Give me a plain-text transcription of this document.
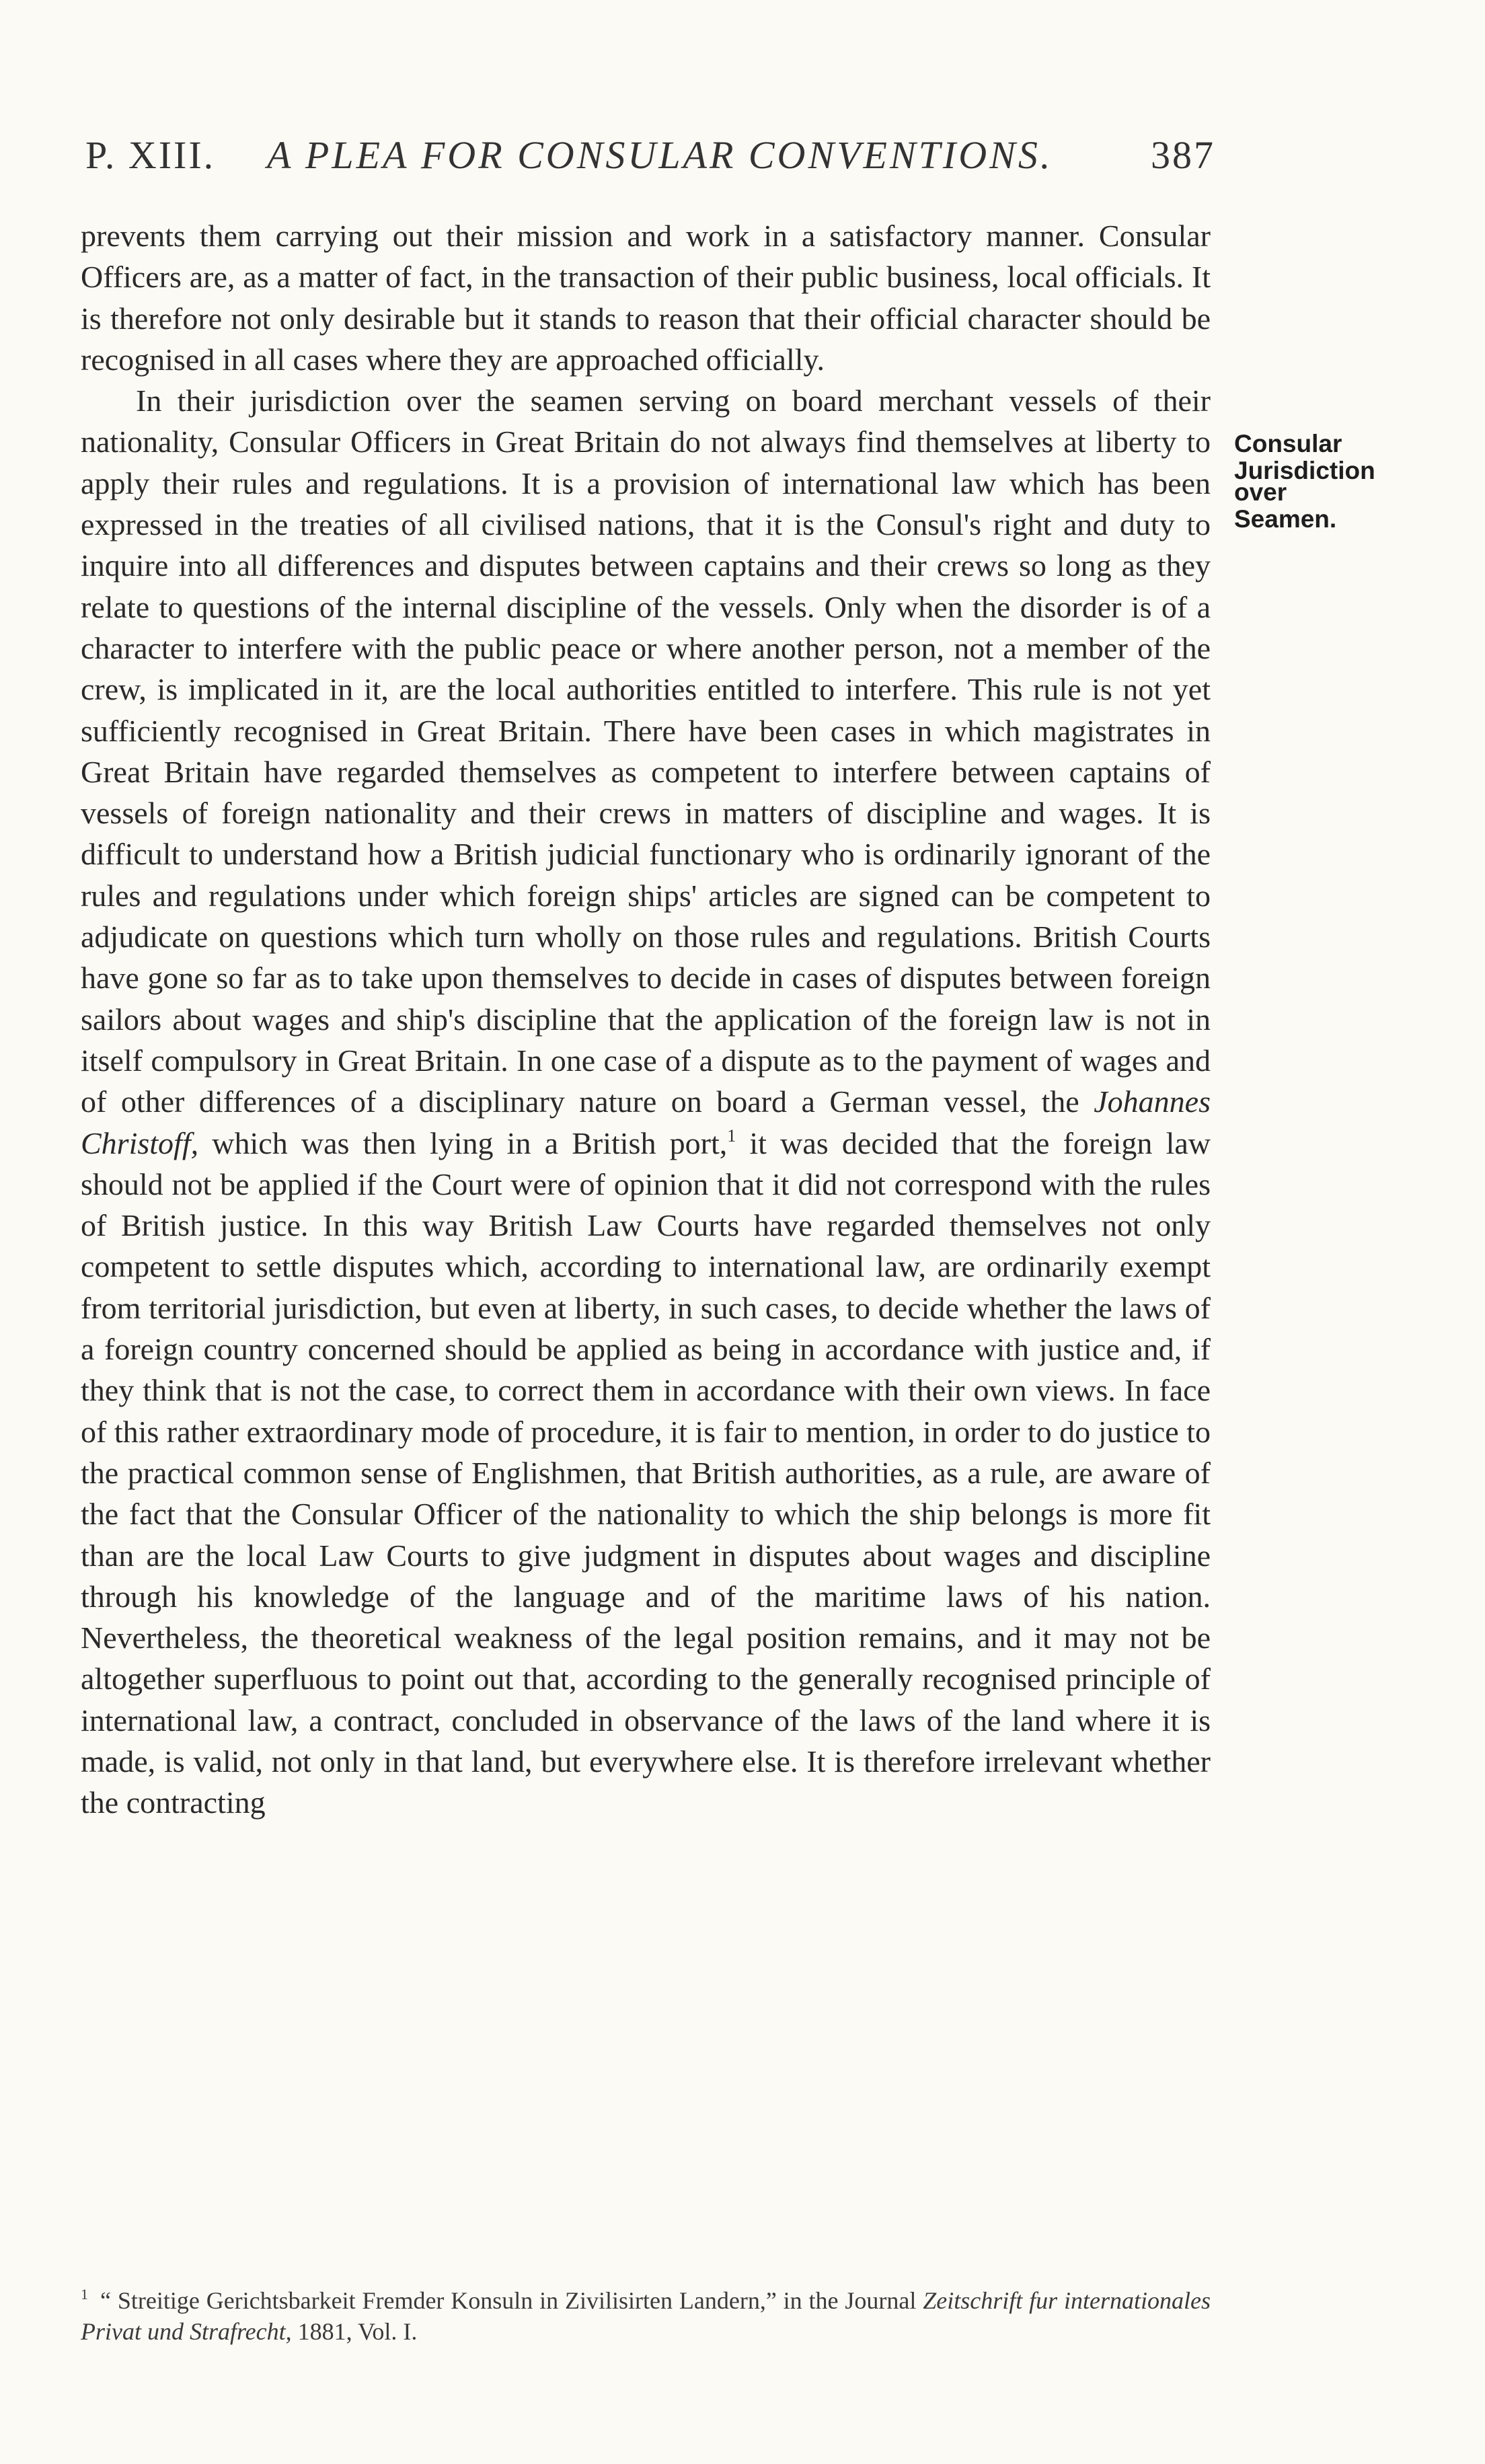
P. XIII. A PLEA FOR CONSULAR CONVENTIONS.	387

prevents them carrying out their mission and work in a satisfactory manner. Consular Officers are, as a matter of fact, in the transaction of their public business, local officials. It is therefore not only desirable but it stands to reason that their official character should be recognised in all cases where they are approached officially.

In their jurisdiction over the seamen serving on board merchant vessels of their nationality, Consular Officers in Great Britain do not always find themselves at liberty to apply their rules and regulations. It is a provision of international law which has been expressed in the treaties of all civilised nations, that it is the Consul's right and duty to inquire into all differences and disputes between captains and their crews so long as they relate to questions of the internal discipline of the vessels. Only when the disorder is of a character to interfere with the public peace or where another person, not a member of the crew, is implicated in it, are the local authorities entitled to interfere. This rule is not yet sufficiently recognised in Great Britain. There have been cases in which magistrates in Great Britain have regarded themselves as competent to interfere between captains of vessels of foreign nationality and their crews in matters of discipline and wages. It is difficult to understand how a British judicial functionary who is ordinarily ignorant of the rules and regulations under which foreign ships' articles are signed can be competent to adjudicate on questions which turn wholly on those rules and regulations. British Courts have gone so far as to take upon themselves to decide in cases of disputes between foreign sailors about wages and ship's discipline that the application of the foreign law is not in itself compulsory in Great Britain. In one case of a dispute as to the payment of wages and of other differences of a disciplinary nature on board a German vessel, the Johannes Christoff, which was then lying in a British port,$^1$ it was decided that the foreign law should not be applied if the Court were of opinion that it did not correspond with the rules of British justice. In this way British Law Courts have regarded themselves not only competent to settle disputes which, according to international law, are ordinarily exempt from territorial jurisdiction, but even at liberty, in such cases, to decide whether the laws of a foreign country concerned should be applied as being in accordance with justice and, if they think that is not the case, to correct them in accordance with their own views. In face of this rather extraordinary mode of procedure, it is fair to mention, in order to do justice to the practical common sense of Englishmen, that British authorities, as a rule, are aware of the fact that the Consular Officer of the nationality to which the ship belongs is more fit than are the local Law Courts to give judgment in disputes about wages and discipline through his knowledge of the language and of the maritime laws of his nation. Nevertheless, the theoretical weakness of the legal position remains, and it may not be altogether superfluous to point out that, according to the generally recognised principle of international law, a contract, concluded in observance of the laws of the land where it is made, is valid, not only in that land, but everywhere else. It is therefore irrelevant whether the contracting

Consular
Jurisdiction
over
Seamen.
$^1$ “ Streitige Gerichtsbarkeit Fremder Konsuln in Zivilisirten Landern,” in the Journal Zeitschrift fur internationales Privat und Strafrecht, 1881, Vol. I.
